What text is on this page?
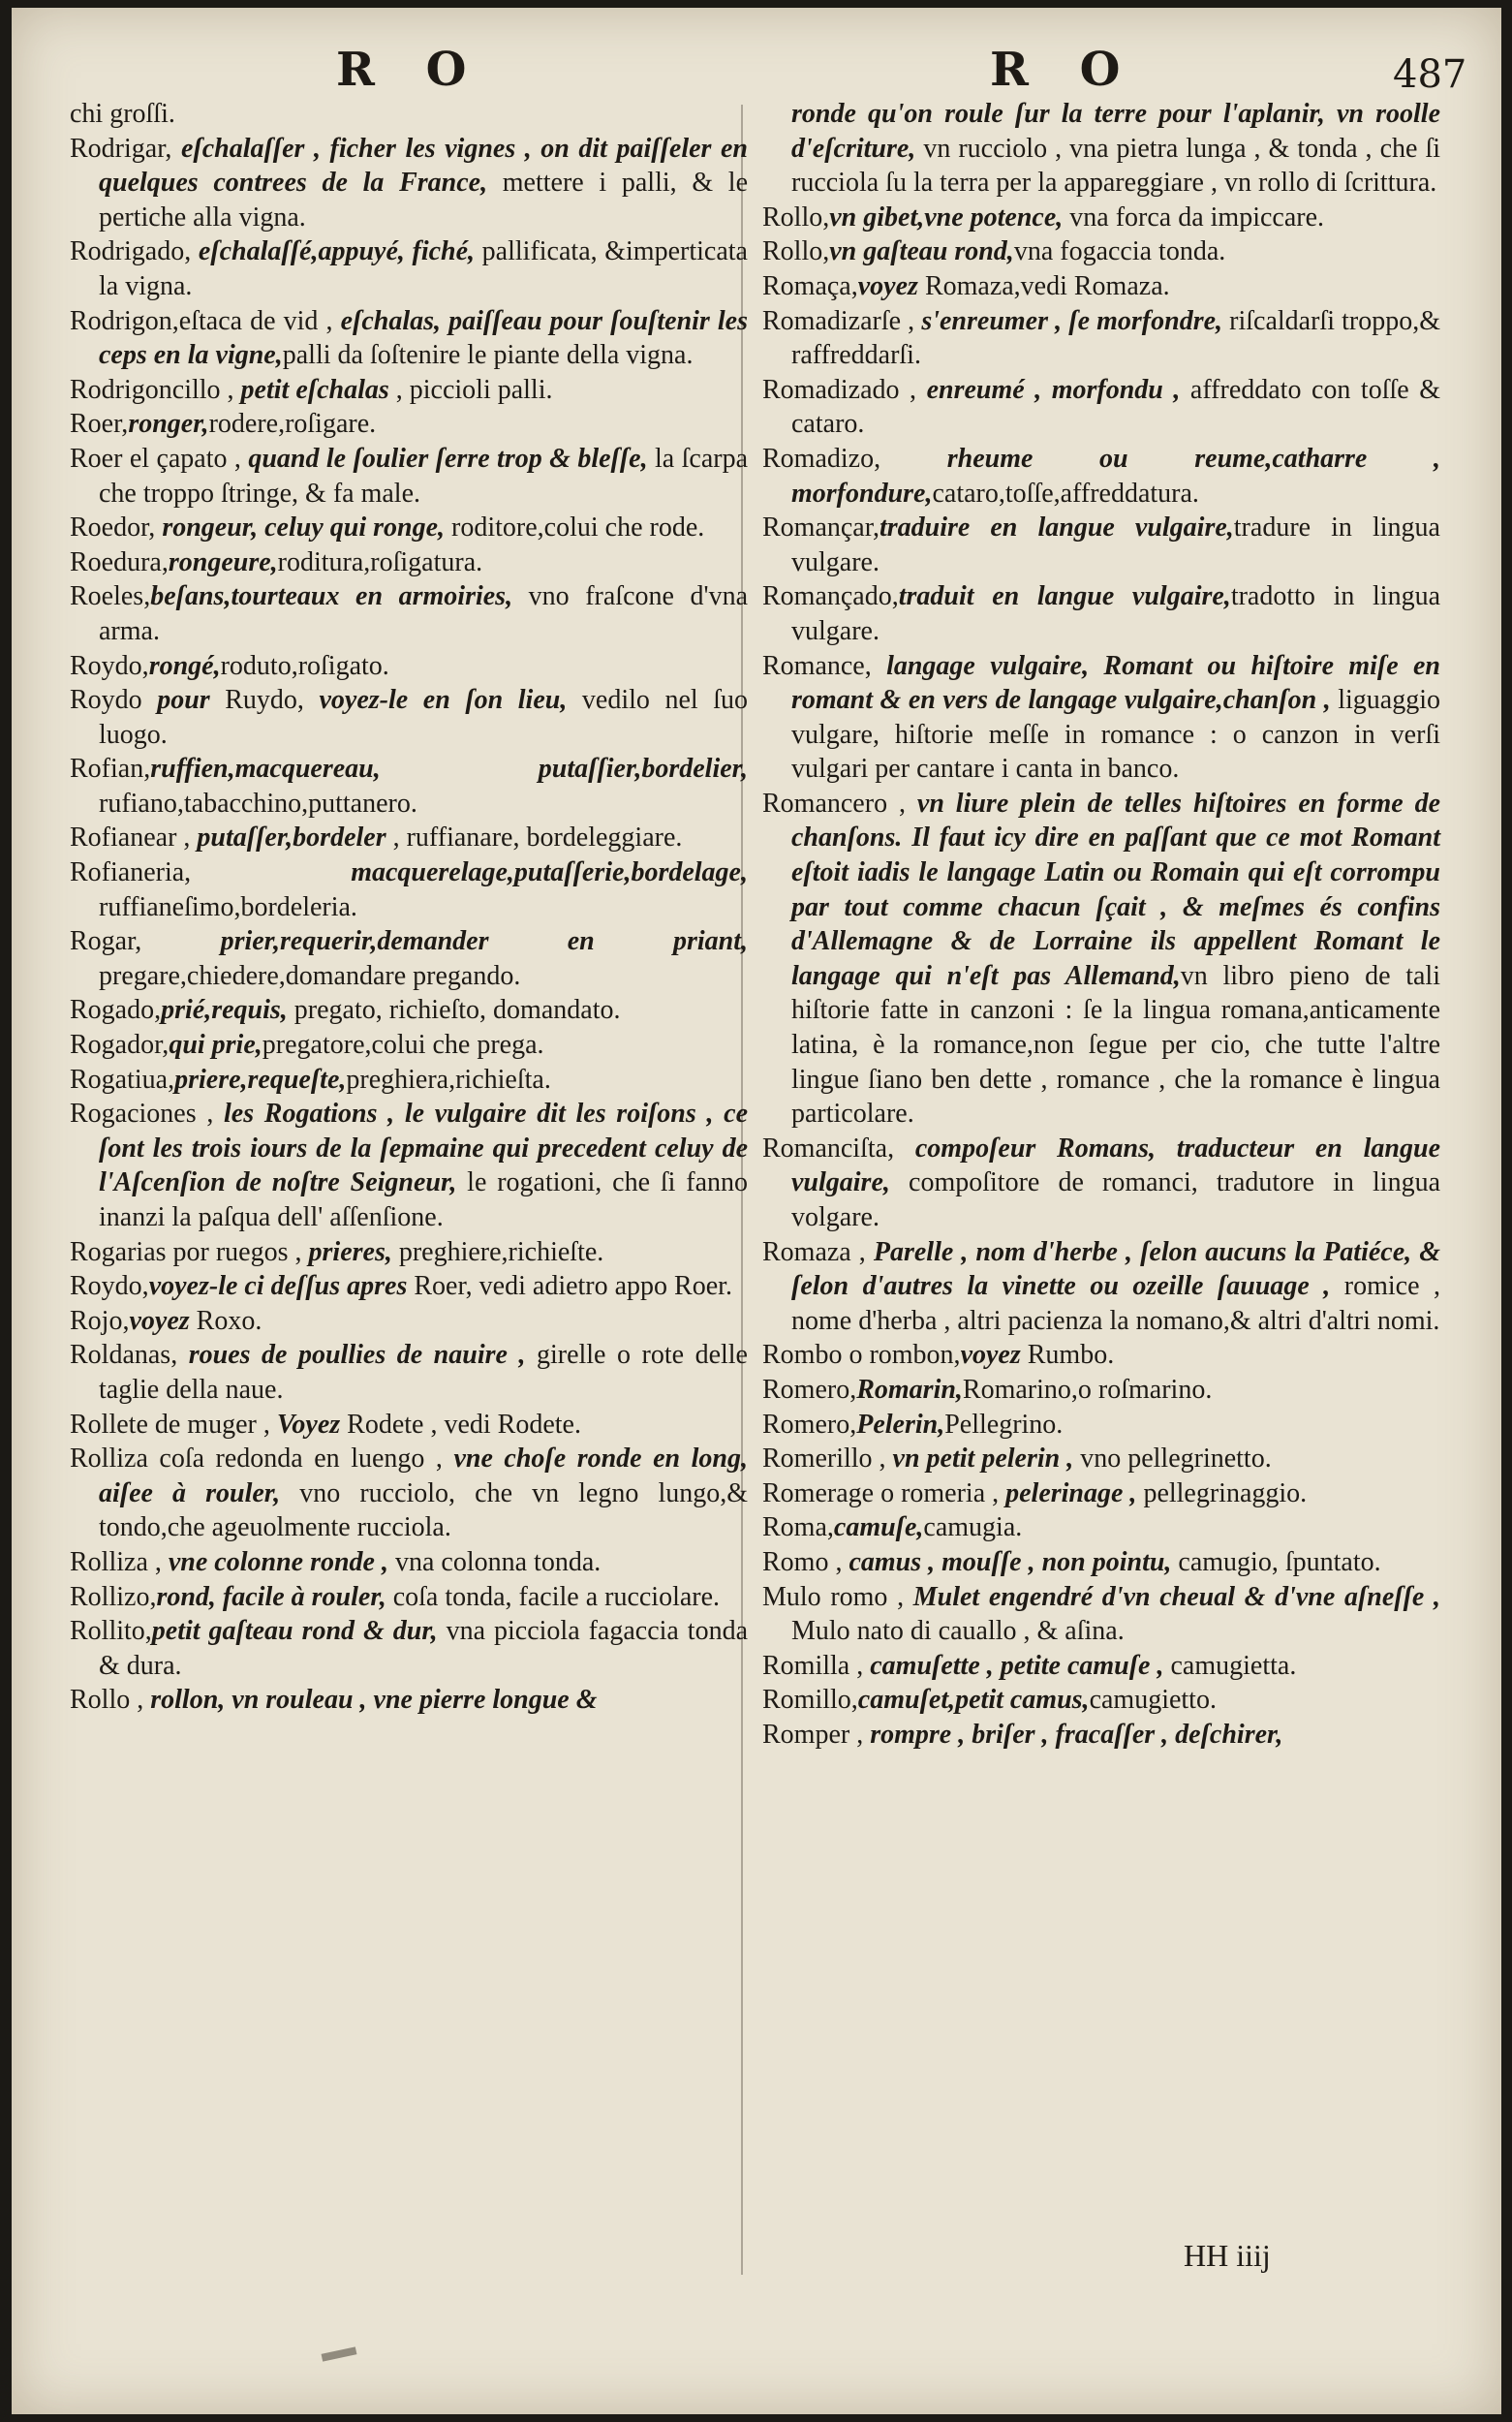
R O	R O	487

chi groſſi.

Rodrigar, eſchalaſſer , ficher les vignes , on dit paiſſeler en quelques contrees de la France, mettere i palli, & le pertiche alla vigna.

Rodrigado, eſchalaſſé,appuyé, fiché, pallificata, &imperticata la vigna.

Rodrigon,eſtaca de vid , eſchalas, paiſſeau pour ſouſtenir les ceps en la vigne,palli da ſoſtenire le piante della vigna.

Rodrigoncillo , petit eſchalas , piccioli palli.

Roer,ronger,rodere,roſigare.

Roer el çapato , quand le ſoulier ſerre trop & bleſſe, la ſcarpa che troppo ſtringe, & fa male.

Roedor, rongeur, celuy qui ronge, roditore,colui che rode.

Roedura,rongeure,roditura,roſigatura.

Roeles,beſans,tourteaux en armoiries, vno fraſcone d'vna arma.

Roydo,rongé,roduto,roſigato.

Roydo pour Ruydo, voyez-le en ſon lieu, vedilo nel ſuo luogo.

Rofian,ruffien,macquereau, putaſſier,bordelier, rufiano,tabacchino,puttanero.

Rofianear , putaſſer,bordeler , ruffianare, bordeleggiare.

Rofianeria, macquerelage,putaſſerie,bordelage, ruffianeſimo,bordeleria.

Rogar, prier,requerir,demander en priant, pregare,chiedere,domandare pregando.

Rogado,prié,requis, pregato, richieſto, domandato.

Rogador,qui prie,pregatore,colui che prega.

Rogatiua,priere,requeſte,preghiera,richieſta.

Rogaciones , les Rogations , le vulgaire dit les roiſons , ce ſont les trois iours de la ſepmaine qui precedent celuy de l'Aſcenſion de noſtre Seigneur, le rogationi, che ſi fanno inanzi la paſqua dell' aſſenſione.

Rogarias por ruegos , prieres, preghiere,richieſte.

Roydo,voyez-le ci deſſus apres Roer, vedi adietro appo Roer.

Rojo,voyez Roxo.

Roldanas, roues de poullies de nauire , girelle o rote delle taglie della naue.

Rollete de muger , Voyez Rodete , vedi Rodete.

Rolliza coſa redonda en luengo , vne choſe ronde en long, aiſee à rouler, vno rucciolo, che vn legno lungo,& tondo,che ageuolmente rucciola.

Rolliza , vne colonne ronde , vna colonna tonda.

Rollizo,rond, facile à rouler, coſa tonda, facile a rucciolare.

Rollito,petit gaſteau rond & dur, vna picciola fagaccia tonda & dura.

Rollo , rollon, vn rouleau , vne pierre longue &

ronde qu'on roule ſur la terre pour l'aplanir, vn roolle d'eſcriture, vn rucciolo , vna pietra lunga , & tonda , che ſi rucciola ſu la terra per la appareggiare , vn rollo di ſcrittura.

Rollo,vn gibet,vne potence, vna forca da impiccare.

Rollo,vn gaſteau rond,vna fogaccia tonda.

Romaça,voyez Romaza,vedi Romaza.

Romadizarſe , s'enreumer , ſe morfondre, riſcaldarſi troppo,& raffreddarſi.

Romadizado , enreumé , morfondu , affreddato con toſſe & cataro.

Romadizo, rheume ou reume,catharre , morfondure,cataro,toſſe,affreddatura.

Romançar,traduire en langue vulgaire,tradure in lingua vulgare.

Romançado,traduit en langue vulgaire,tradotto in lingua vulgare.

Romance, langage vulgaire, Romant ou hiſtoire miſe en romant & en vers de langage vulgaire,chanſon , liguaggio vulgare, hiſtorie meſſe in romance : o canzon in verſi vulgari per cantare i canta in banco.

Romancero , vn liure plein de telles hiſtoires en forme de chanſons. Il faut icy dire en paſſant que ce mot Romant eſtoit iadis le langage Latin ou Romain qui eſt corrompu par tout comme chacun ſçait , & meſmes és confins d'Allemagne & de Lorraine ils appellent Romant le langage qui n'eſt pas Allemand,vn libro pieno de tali hiſtorie fatte in canzoni : ſe la lingua romana,anticamente latina, è la romance,non ſegue per cio, che tutte l'altre lingue ſiano ben dette , romance , che la romance è lingua particolare.

Romanciſta, compoſeur Romans, traducteur en langue vulgaire, compoſitore de romanci, tradutore in lingua volgare.

Romaza , Parelle , nom d'herbe , ſelon aucuns la Patiéce, & ſelon d'autres la vinette ou ozeille ſauuage , romice , nome d'herba , altri pacienza la nomano,& altri d'altri nomi.

Rombo o rombon,voyez Rumbo.

Romero,Romarin,Romarino,o roſmarino.

Romero,Pelerin,Pellegrino.

Romerillo , vn petit pelerin , vno pellegrinetto.

Romerage o romeria , pelerinage , pellegrinaggio.

Roma,camuſe,camugia.

Romo , camus , mouſſe , non pointu, camugio, ſpuntato.

Mulo romo , Mulet engendré d'vn cheual & d'vne aſneſſe , Mulo nato di cauallo , & aſina.

Romilla , camuſette , petite camuſe , camugietta.

Romillo,camuſet,petit camus,camugietto.

Romper , rompre , briſer , fracaſſer , deſchirer,

HH iiij
